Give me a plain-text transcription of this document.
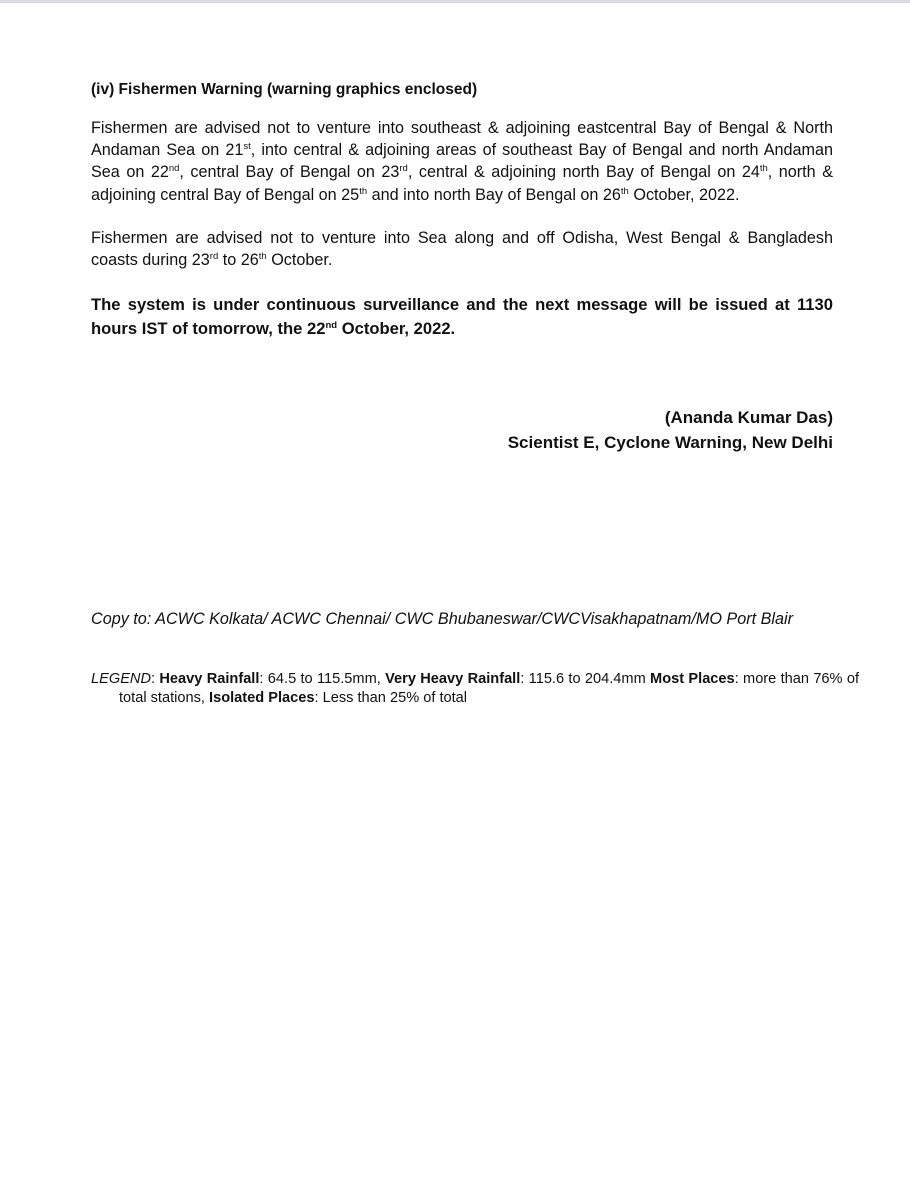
(iv) Fishermen Warning (warning graphics enclosed)
Fishermen are advised not to venture into southeast & adjoining eastcentral Bay of Bengal & North Andaman Sea on 21st, into central & adjoining areas of southeast Bay of Bengal and north Andaman Sea on 22nd, central Bay of Bengal on 23rd, central & adjoining north Bay of Bengal on 24th, north & adjoining central Bay of Bengal on 25th and into north Bay of Bengal on 26th October, 2022.
Fishermen are advised not to venture into Sea along and off Odisha, West Bengal & Bangladesh coasts during 23rd to 26th October.
The system is under continuous surveillance and the next message will be issued at 1130 hours IST of tomorrow, the 22nd October, 2022.
(Ananda Kumar Das)
Scientist E, Cyclone Warning, New Delhi
Copy to: ACWC Kolkata/ ACWC Chennai/ CWC Bhubaneswar/CWCVisakhapatnam/MO Port Blair
LEGEND: Heavy Rainfall: 64.5 to 115.5mm, Very Heavy Rainfall: 115.6 to 204.4mm Most Places: more than 76% of total stations, Isolated Places: Less than 25% of total
